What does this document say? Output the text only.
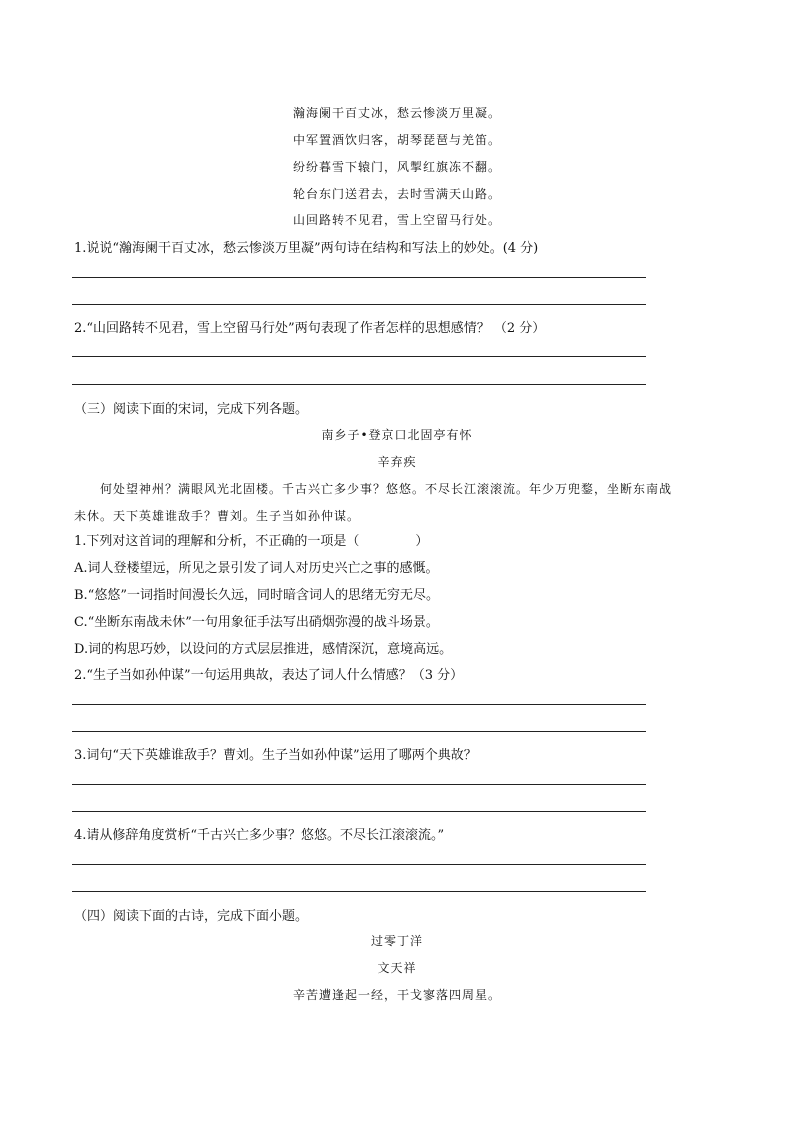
瀚海阑干百丈冰，愁云惨淡万里凝。
中军置酒饮归客，胡琴琵琶与羌笛。
纷纷暮雪下辕门，风掣红旗冻不翻。
轮台东门送君去，去时雪满天山路。
山回路转不见君，雪上空留马行处。
1.说说“瀚海阑干百丈冰，愁云惨淡万里凝”两句诗在结构和写法上的妙处。(4 分)
2.“山回路转不见君，雪上空留马行处”两句表现了作者怎样的思想感情？ （2 分）
（三）阅读下面的宋词，完成下列各题。
南乡子•登京口北固亭有怀
辛弃疾
何处望神州？满眼风光北固楼。千古兴亡多少事？悠悠。不尽长江滚滚流。年少万兜鍪，坐断东南战
未休。天下英雄谁敌手？曹刘。生子当如孙仲谋。
1.下列对这首词的理解和分析，不正确的一项是（	）
A.词人登楼望远，所见之景引发了词人对历史兴亡之事的感慨。
B.“悠悠”一词指时间漫长久远，同时暗含词人的思绪无穷无尽。
C.“坐断东南战未休”一句用象征手法写出硝烟弥漫的战斗场景。
D.词的构思巧妙，以设问的方式层层推进，感情深沉，意境高远。
2.“生子当如孙仲谋”一句运用典故，表达了词人什么情感？（3 分）
3.词句“天下英雄谁敌手？曹刘。生子当如孙仲谋”运用了哪两个典故？
4.请从修辞角度赏析“千古兴亡多少事？悠悠。不尽长江滚滚流。”
（四）阅读下面的古诗，完成下面小题。
过零丁洋
文天祥
辛苦遭逢起一经，干戈寥落四周星。
